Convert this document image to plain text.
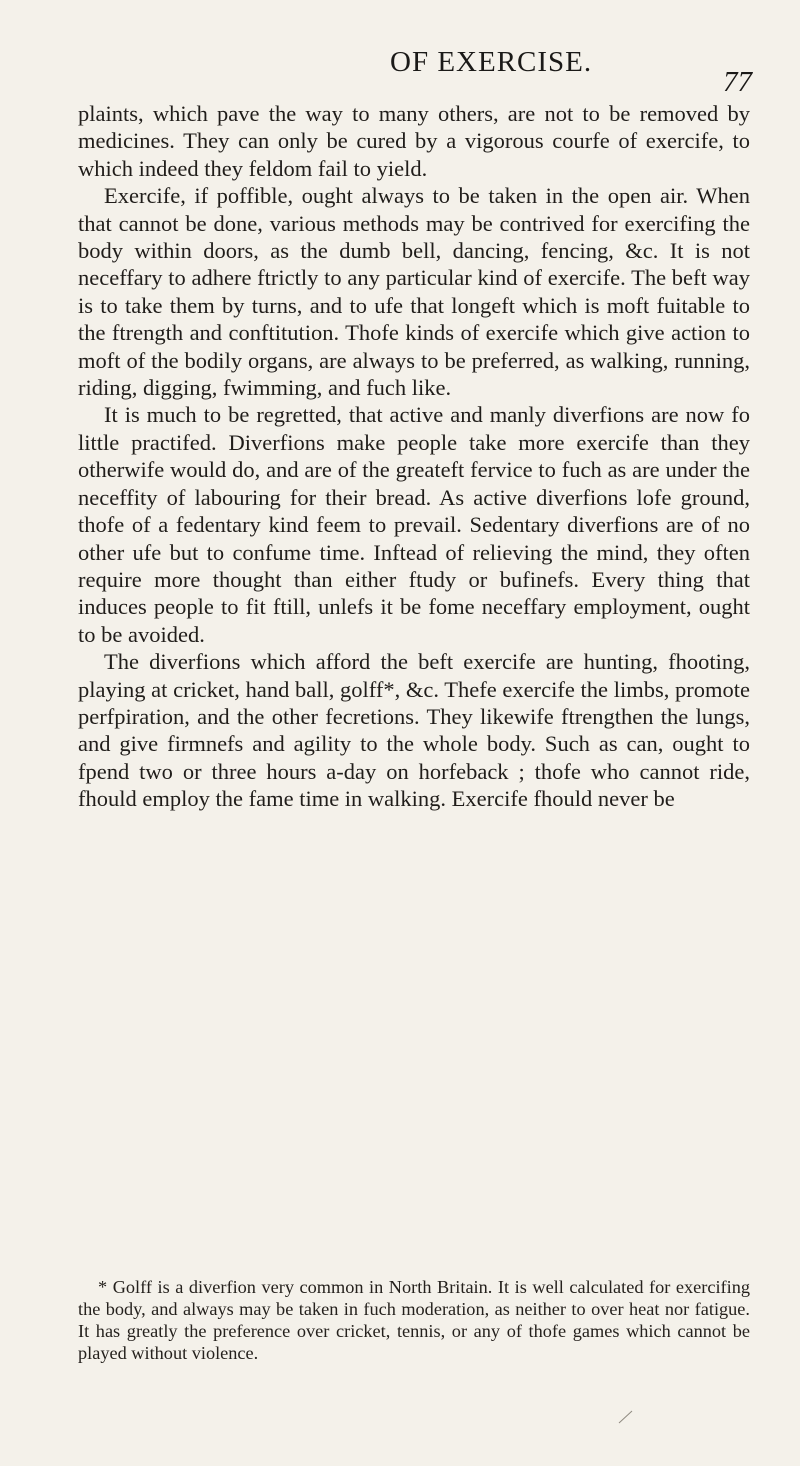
OF EXERCISE.
77

plaints, which pave the way to many others, are not to be removed by medicines. They can only be cured by a vigorous courfe of exercife, to which indeed they feldom fail to yield.

Exercife, if poffible, ought always to be taken in the open air. When that cannot be done, various methods may be contrived for exercifing the body within doors, as the dumb bell, dancing, fencing, &c. It is not neceffary to adhere ftrictly to any particular kind of exercife. The beft way is to take them by turns, and to ufe that longeft which is moft fuitable to the ftrength and conftitution. Thofe kinds of exercife which give action to moft of the bodily organs, are always to be preferred, as walking, running, riding, digging, fwimming, and fuch like.

It is much to be regretted, that active and manly diverfions are now fo little practifed. Diverfions make people take more exercife than they otherwife would do, and are of the greateft fervice to fuch as are under the neceffity of labouring for their bread. As active diverfions lofe ground, thofe of a fedentary kind feem to prevail. Sedentary diverfions are of no other ufe but to confume time. Inftead of relieving the mind, they often require more thought than either ftudy or bufinefs. Every thing that induces people to fit ftill, unlefs it be fome neceffary employment, ought to be avoided.

The diverfions which afford the beft exercife are hunting, fhooting, playing at cricket, hand ball, golff*, &c. Thefe exercife the limbs, promote perfpiration, and the other fecretions. They likewife ftrengthen the lungs, and give firmnefs and agility to the whole body. Such as can, ought to fpend two or three hours a-day on horfeback ; thofe who cannot ride, fhould employ the fame time in walking. Exercife fhould never be

* Golff is a diverfion very common in North Britain. It is well calculated for exercifing the body, and always may be taken in fuch moderation, as neither to over heat nor fatigue. It has greatly the preference over cricket, tennis, or any of thofe games which cannot be played without violence.
